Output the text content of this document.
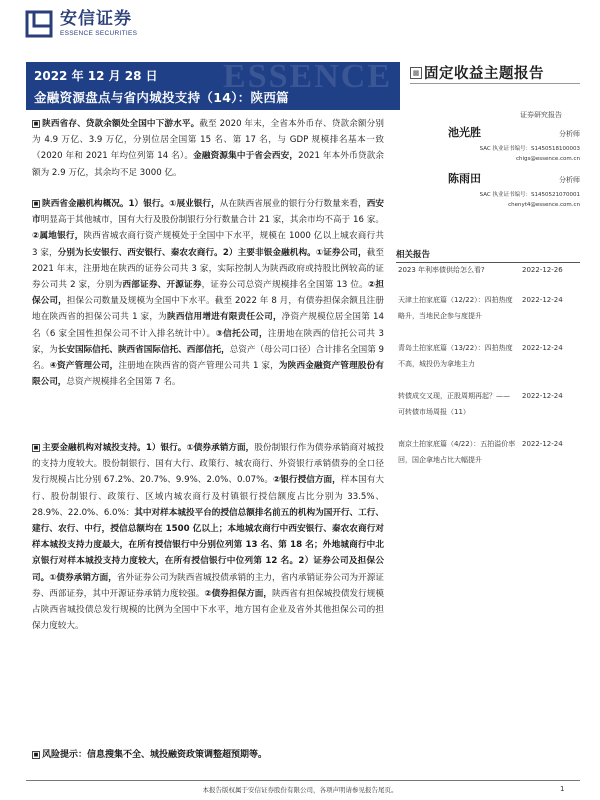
安信证券
ESSENCE SECURITIES
ESSENCE
2022 年 12 月 28 日
金融资源盘点与省内城投支持（14）：陕西篇
▦ 固定收益主题报告
证券研究报告
池光胜	分析师
SAC 执业证书编号：S1450518100003
chigs@essence.com.cn
陈雨田	分析师
SAC 执业证书编号：S1450521070001
chenyt4@essence.com.cn
相关报告
2023 年利率债供给怎么看?	2022-12-26
天津土拍家底篇（12/22）：四拍热度略升，当地民企参与度提升
2022-12-24
青岛土拍家底篇（13/22）：四拍热度不高，城投仍为拿地主力
2022-12-24
转债成交又现，正股周期再起？——可转债市场周报（11）
2022-12-24
南京土拍家底篇（4/22）：五拍溢价率回，国企拿地占比大幅提升
2022-12-24
■ 陕西省存、贷款余额处全国中下游水平。截至 2020 年末，全省本外币存、贷款余额分别为 4.9 万亿、3.9 万亿，分别位居全国第 15 名、第 17 名，与 GDP 规模排名基本一致（2020 年和 2021 年均位列第 14 名）。金融资源集中于省会西安，2021 年本外币贷款余额为 2.9 万亿，其余均不足 3000 亿。
■ 陕西省金融机构概况。1）银行。①展业银行，从在陕西省展业的银行分行数量来看，西安市明显高于其他城市，国有大行及股份制银行分行数量合计 21 家，其余市均不高于 16 家。②属地银行，陕西省城农商行资产规模处于全国中下水平，规模在 1000 亿以上城农商行共 3 家，分别为长安银行、西安银行、秦农农商行。2）主要非银金融机构。①证券公司，截至 2021 年末，注册地在陕西的证券公司共 3 家，实际控制人为陕西政府或持股比例较高的证券公司共 2 家，分别为西部证券、开源证券，证券公司总资产规模排名全国第 13 位。②担保公司，担保公司数量及规模为全国中下水平。截至 2022 年 8 月，有债券担保余额且注册地在陕西省的担保公司共 1 家，为陕西信用增进有限责任公司，净资产规模位居全国第 14 名（6 家全国性担保公司不计入排名统计中）。③信托公司，注册地在陕西的信托公司共 3 家，为长安国际信托、陕西省国际信托、西部信托，总资产（母公司口径）合计排名全国第 9 名。④资产管理公司，注册地在陕西省的资产管理公司共 1 家，为陕西金融资产管理股份有限公司，总资产规模排名全国第 7 名。
■ 主要金融机构对城投支持。1）银行。①债券承销方面，股份制银行作为债券承销商对城投的支持力度较大。股份制银行、国有大行、政策行、城农商行、外资银行承销债券的全口径发行规模占比分别 67.2%、20.7%、9.9%、2.0%、0.07%。②银行授信方面，样本国有大行、股份制银行、政策行、区域内城农商行及村镇银行授信额度占比分别为 33.5%、28.9%、22.0%、6.0%：其中对样本城投平台的授信总额排名前五的机构为国开行、工行、建行、农行、中行，授信总额均在 1500 亿以上；本地城农商行中西安银行、秦农农商行对样本城投支持力度最大，在所有授信银行中分别位列第 13 名、第 18 名；外地城商行中北京银行对样本城投支持力度较大，在所有授信银行中位列第 12 名。2）证券公司及担保公司。①债券承销方面，省外证券公司为陕西省城投债承销的主力，省内承销证券公司为开源证券、西部证券，其中开源证券承销力度较强。②债券担保方面，陕西省有担保城投债发行规模占陕西省城投债总发行规模的比例为全国中下水平，地方国有企业及省外其他担保公司的担保力度较大。
■ 风险提示：信息搜集不全、城投融资政策调整超预期等。
本报告版权属于安信证券股份有限公司，各项声明请参见报告尾页。	1
